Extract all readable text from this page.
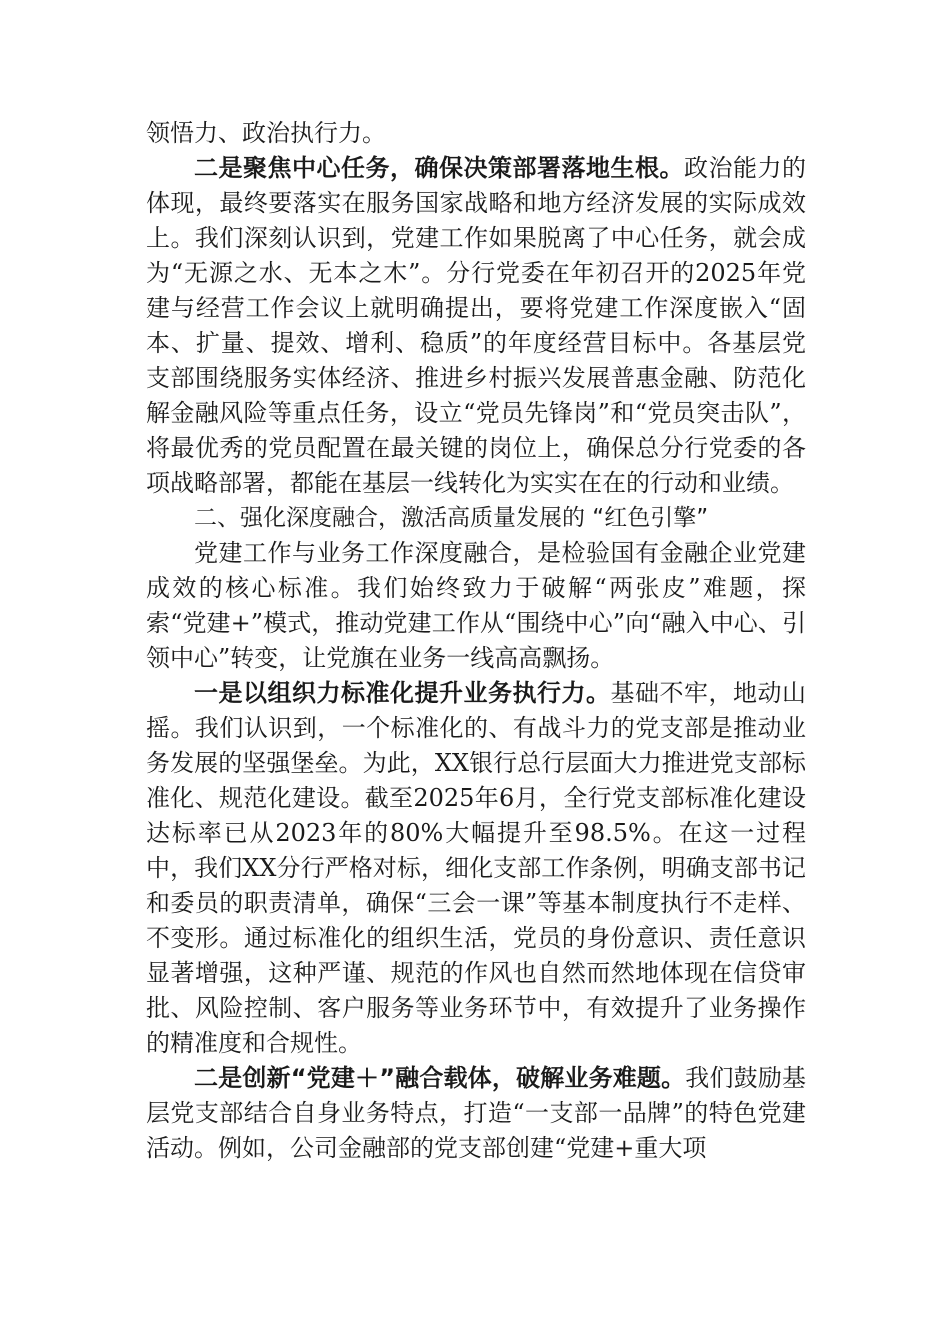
领悟力、政治执行力。

二是聚焦中心任务，确保决策部署落地生根。政治能力的体现，最终要落实在服务国家战略和地方经济发展的实际成效上。我们深刻认识到，党建工作如果脱离了中心任务，就会成为“无源之水、无本之木”。分行党委在年初召开的2025年党建与经营工作会议上就明确提出，要将党建工作深度嵌入“固本、扩量、提效、增利、稳质”的年度经营目标中。各基层党支部围绕服务实体经济、推进乡村振兴发展普惠金融、防范化解金融风险等重点任务，设立“党员先锋岗”和“党员突击队”，将最优秀的党员配置在最关键的岗位上，确保总分行党委的各项战略部署，都能在基层一线转化为实实在在的行动和业绩。

二、强化深度融合，激活高质量发展的 “红色引擎”

党建工作与业务工作深度融合，是检验国有金融企业党建成效的核心标准。我们始终致力于破解“两张皮”难题，探索“党建+”模式，推动党建工作从“围绕中心”向“融入中心、引领中心”转变，让党旗在业务一线高高飘扬。

一是以组织力标准化提升业务执行力。基础不牢，地动山摇。我们认识到，一个标准化的、有战斗力的党支部是推动业务发展的坚强堡垒。为此，XX银行总行层面大力推进党支部标准化、规范化建设。截至2025年6月，全行党支部标准化建设达标率已从2023年的80%大幅提升至98.5%。在这一过程中，我们XX分行严格对标，细化支部工作条例，明确支部书记和委员的职责清单，确保“三会一课”等基本制度执行不走样、不变形。通过标准化的组织生活，党员的身份意识、责任意识显著增强，这种严谨、规范的作风也自然而然地体现在信贷审批、风险控制、客户服务等业务环节中，有效提升了业务操作的精准度和合规性。

二是创新“党建＋”融合载体，破解业务难题。我们鼓励基层党支部结合自身业务特点，打造“一支部一品牌”的特色党建活动。例如，公司金融部的党支部创建“党建+重大项
